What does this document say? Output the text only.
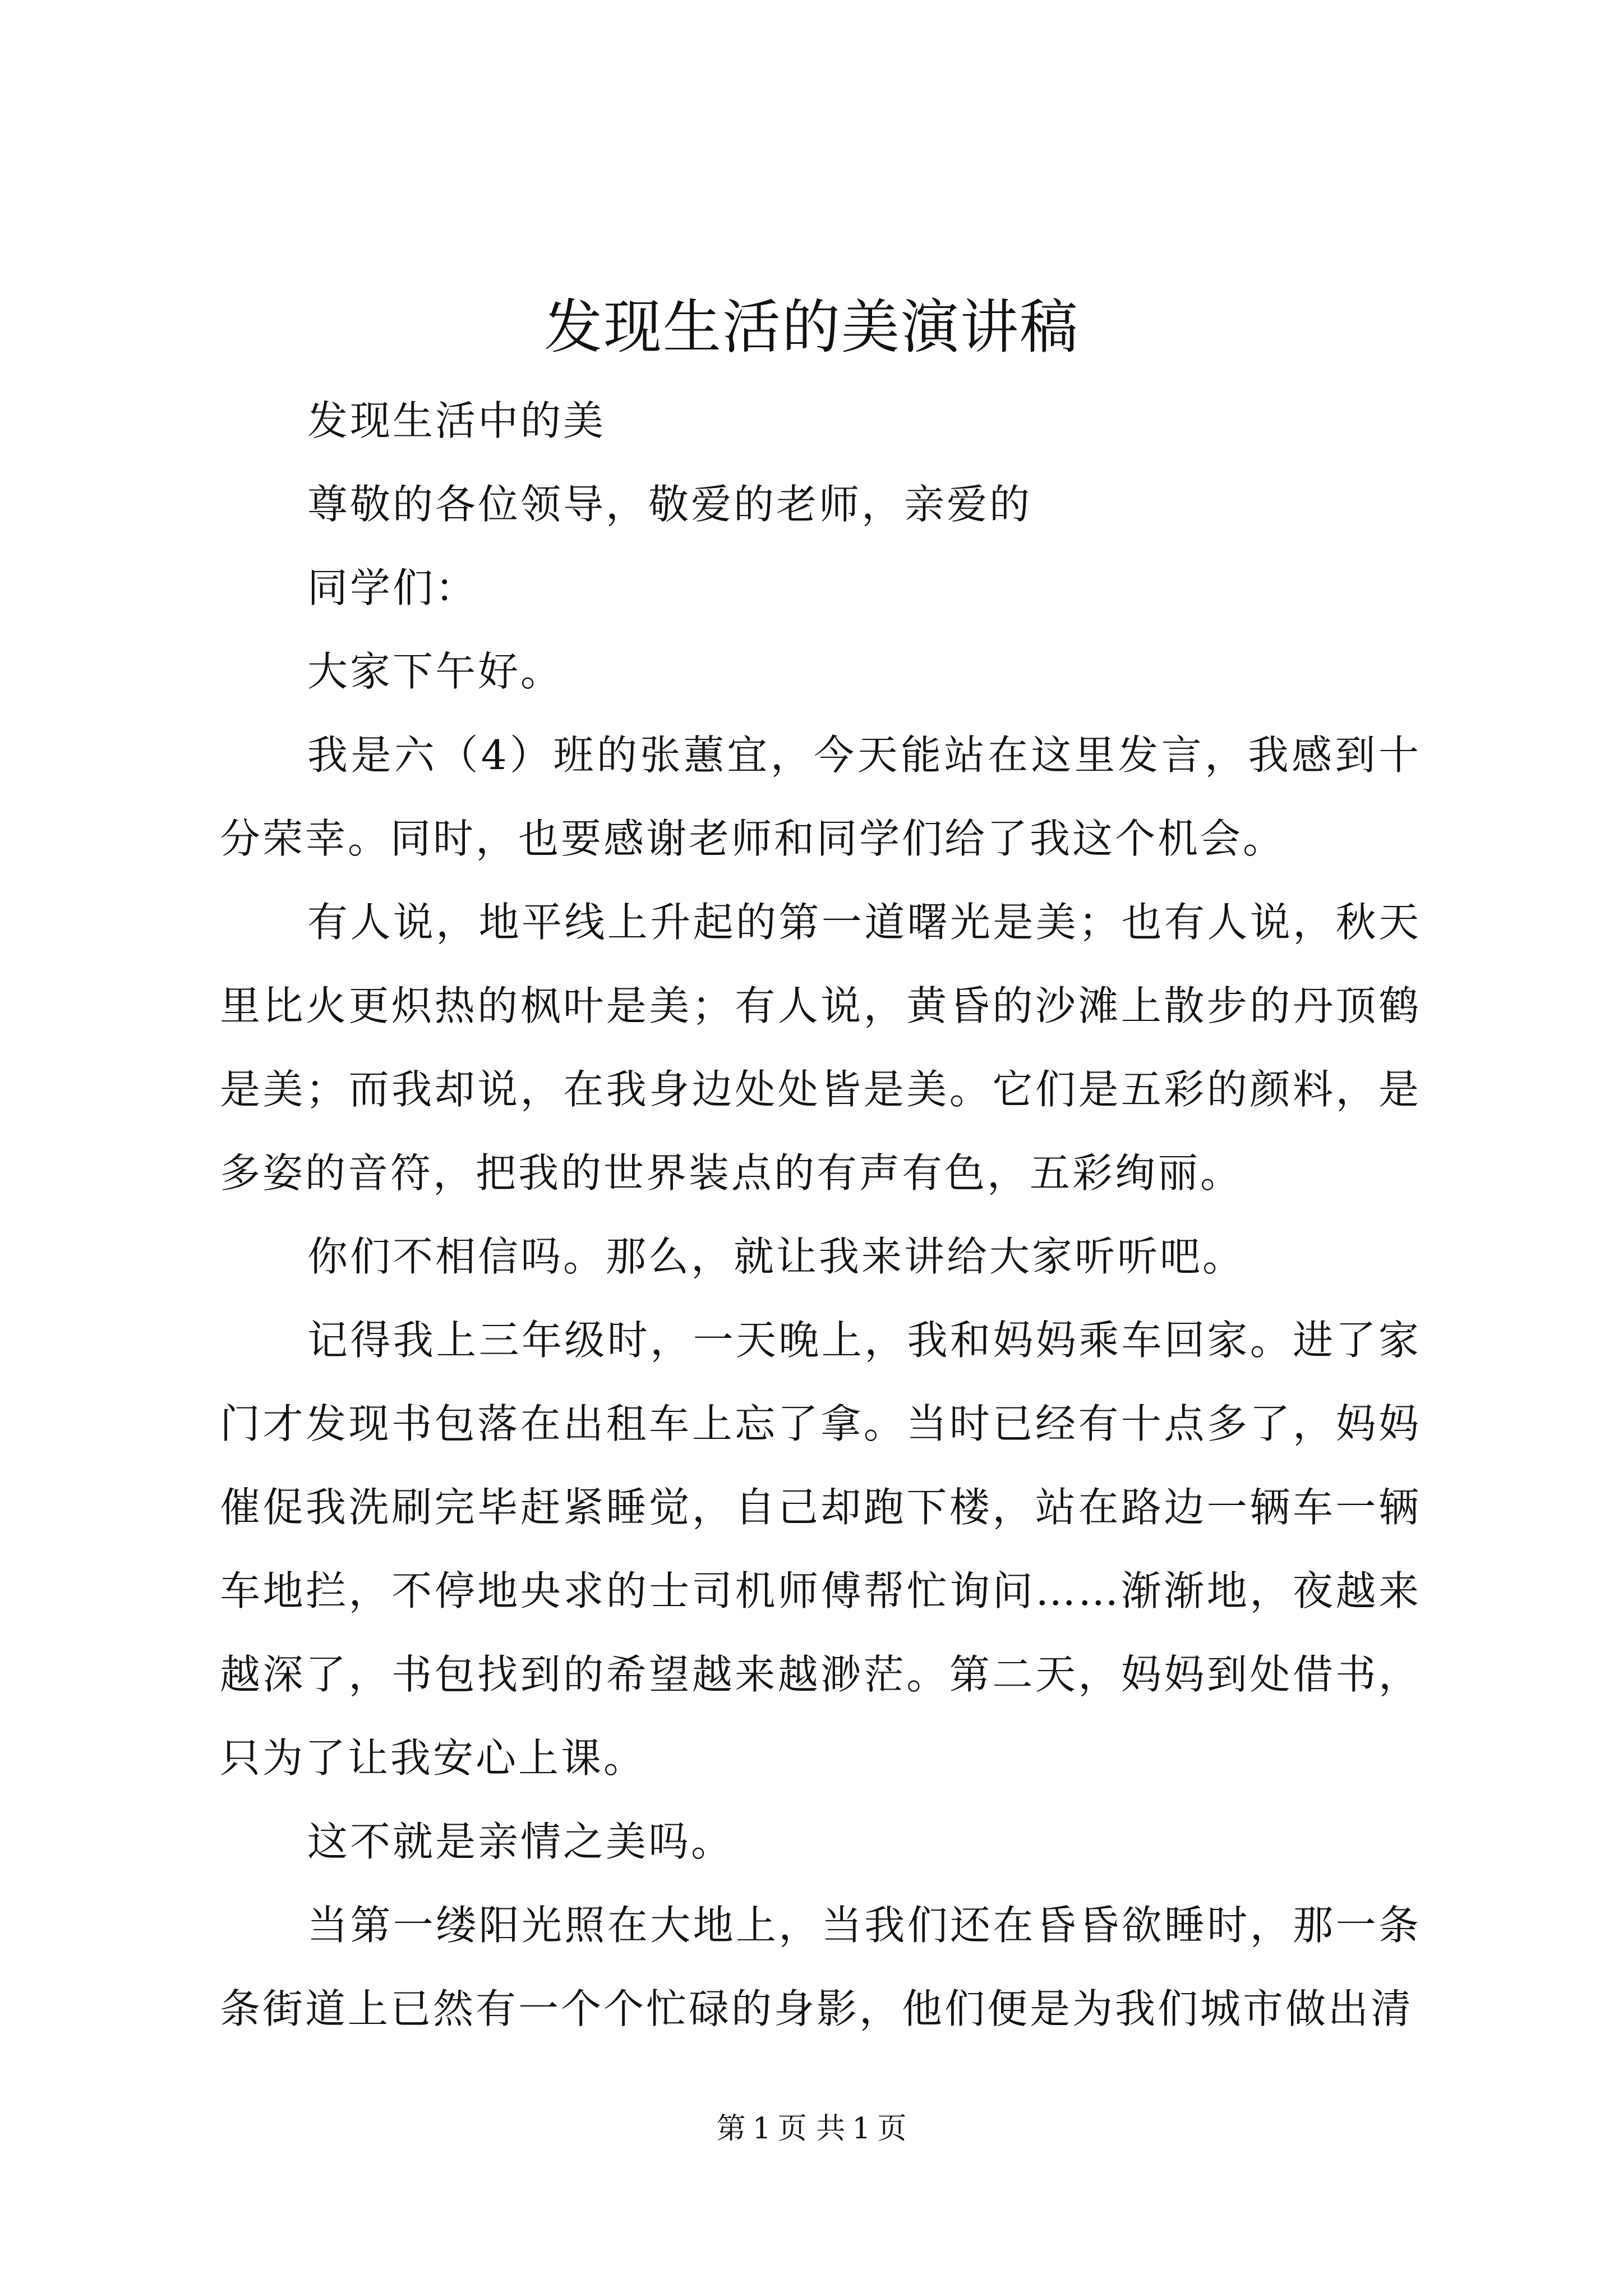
发现生活的美演讲稿

发现生活中的美

尊敬的各位领导，敬爱的老师，亲爱的

同学们：

大家下午好。

我是六（4）班的张蕙宜，今天能站在这里发言，我感到十分荣幸。同时，也要感谢老师和同学们给了我这个机会。

有人说，地平线上升起的第一道曙光是美；也有人说，秋天里比火更炽热的枫叶是美；有人说，黄昏的沙滩上散步的丹顶鹤是美；而我却说，在我身边处处皆是美。它们是五彩的颜料，是多姿的音符，把我的世界装点的有声有色，五彩绚丽。

你们不相信吗。那么，就让我来讲给大家听听吧。

记得我上三年级时，一天晚上，我和妈妈乘车回家。进了家门才发现书包落在出租车上忘了拿。当时已经有十点多了，妈妈催促我洗刷完毕赶紧睡觉，自己却跑下楼，站在路边一辆车一辆车地拦，不停地央求的士司机师傅帮忙询问……渐渐地，夜越来越深了，书包找到的希望越来越渺茫。第二天，妈妈到处借书，只为了让我安心上课。

这不就是亲情之美吗。

当第一缕阳光照在大地上，当我们还在昏昏欲睡时，那一条条街道上已然有一个个忙碌的身影，他们便是为我们城市做出清

第 1 页 共 1 页
